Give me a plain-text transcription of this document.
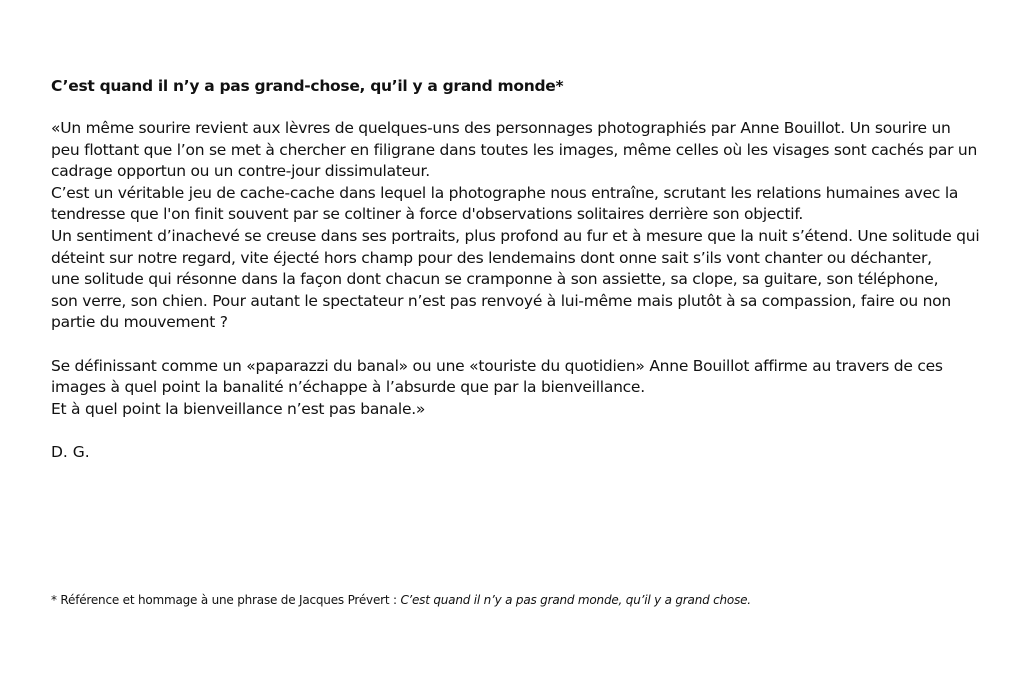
C’est quand il n’y a pas grand-chose, qu’il y a grand monde*

«Un même sourire revient aux lèvres de quelques-uns des personnages photographiés par Anne Bouillot. Un sourire un

peu flottant que l’on se met à chercher en filigrane dans toutes les images, même celles où les visages sont cachés par un

cadrage opportun ou un contre-jour dissimulateur.

C’est un véritable jeu de cache-cache dans lequel la photographe nous entraîne, scrutant les relations humaines avec la

tendresse que l'on finit souvent par se coltiner à force d'observations solitaires derrière son objectif.

Un sentiment d’inachevé se creuse dans ses portraits, plus profond au fur et à mesure que la nuit s’étend. Une solitude qui

déteint sur notre regard, vite éjecté hors champ pour des lendemains dont onne sait s’ils vont chanter ou déchanter,

une solitude qui résonne dans la façon dont chacun se cramponne à son assiette, sa clope, sa guitare, son téléphone,

son verre, son chien. Pour autant le spectateur n’est pas renvoyé à lui-même mais plutôt à sa compassion, faire ou non

partie du mouvement ?

Se définissant comme un «paparazzi du banal» ou une «touriste du quotidien» Anne Bouillot affirme au travers de ces

images à quel point la banalité n’échappe à l’absurde que par la bienveillance.

Et à quel point la bienveillance n’est pas banale.»

D. G.

* Référence et hommage à une phrase de Jacques Prévert : C’est quand il n’y a pas grand monde, qu’il y a grand chose.
